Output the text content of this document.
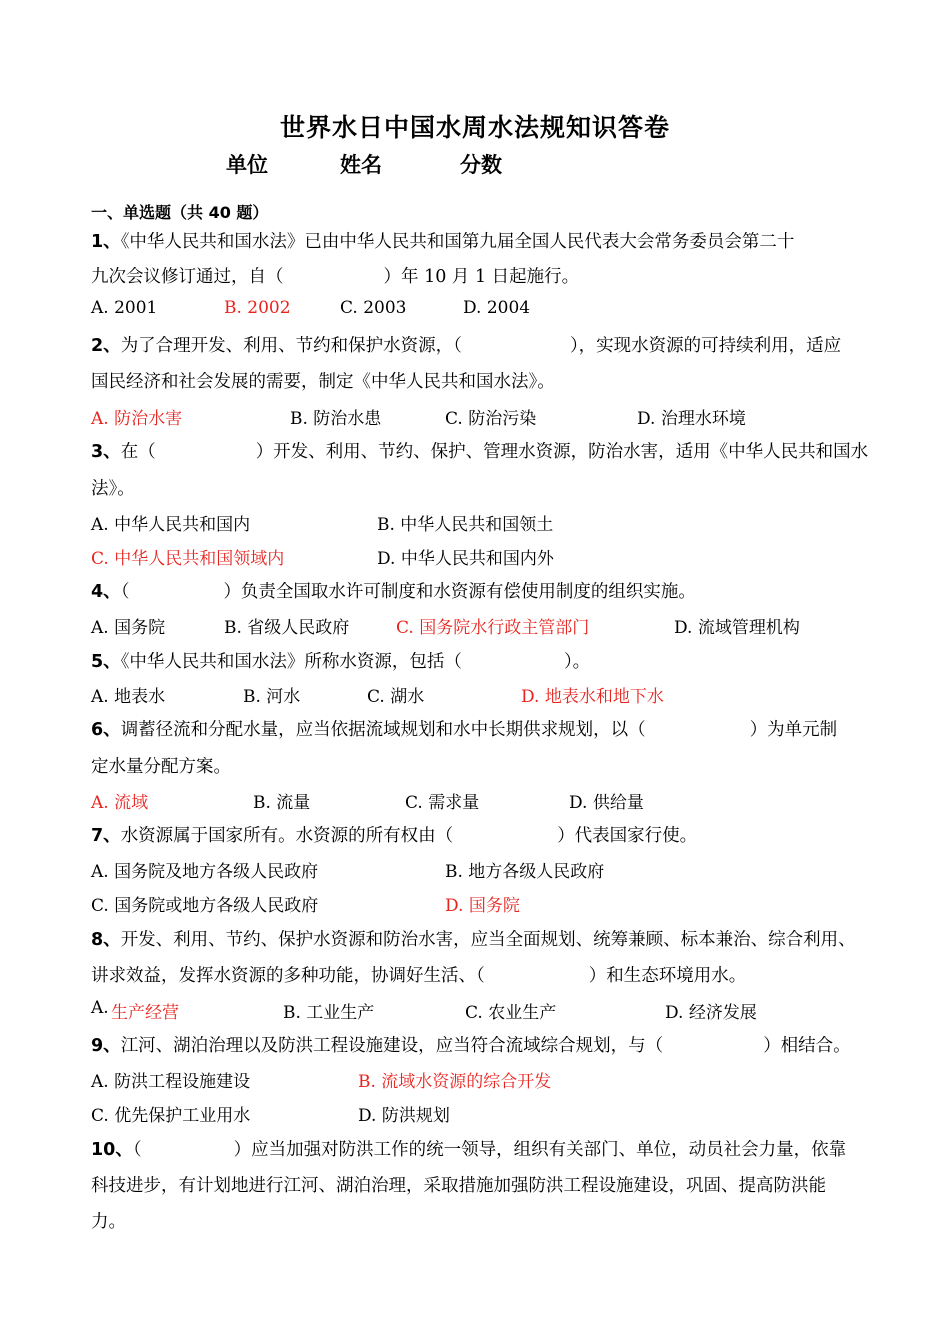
世界水日中国水周水法规知识答卷
单位	姓名	分数
一、单选题（共 40 题）
1、《中华人民共和国水法》已由中华人民共和国第九届全国人民代表大会常务委员会第二十
九次会议修订通过，自（	）年 10 月 1 日起施行。
A. 2001	B. 2002	C. 2003	D. 2004
2、为了合理开发、利用、节约和保护水资源，（	），实现水资源的可持续利用，适应
国民经济和社会发展的需要，制定《中华人民共和国水法》。
A. 防治水害	B. 防治水患	C. 防治污染	D. 治理水环境
3、在（	）开发、利用、节约、保护、管理水资源，防治水害，适用《中华人民共和国水
法》。
A. 中华人民共和国内	B. 中华人民共和国领土
C. 中华人民共和国领域内	D. 中华人民共和国内外
4、（	）负责全国取水许可制度和水资源有偿使用制度的组织实施。
A. 国务院	B. 省级人民政府	C. 国务院水行政主管部门	D. 流域管理机构
5、《中华人民共和国水法》所称水资源，包括（	）。
A. 地表水	B. 河水	C. 湖水	D. 地表水和地下水
6、调蓄径流和分配水量，应当依据流域规划和水中长期供求规划，以（	）为单元制
定水量分配方案。
A. 流域	B. 流量	C. 需求量	D. 供给量
7、水资源属于国家所有。水资源的所有权由（	）代表国家行使。
A. 国务院及地方各级人民政府	B. 地方各级人民政府
C. 国务院或地方各级人民政府	D. 国务院
8、开发、利用、节约、保护水资源和防治水害，应当全面规划、统筹兼顾、标本兼治、综合利用、
讲求效益，发挥水资源的多种功能，协调好生活、（	）和生态环境用水。
A. 生产经营	B. 工业生产	C. 农业生产	D. 经济发展
9、江河、湖泊治理以及防洪工程设施建设，应当符合流域综合规划，与（	）相结合。
A. 防洪工程设施建设	B. 流域水资源的综合开发
C. 优先保护工业用水	D. 防洪规划
10、（	）应当加强对防洪工作的统一领导，组织有关部门、单位，动员社会力量，依靠
科技进步，有计划地进行江河、湖泊治理，采取措施加强防洪工程设施建设，巩固、提高防洪能
力。
